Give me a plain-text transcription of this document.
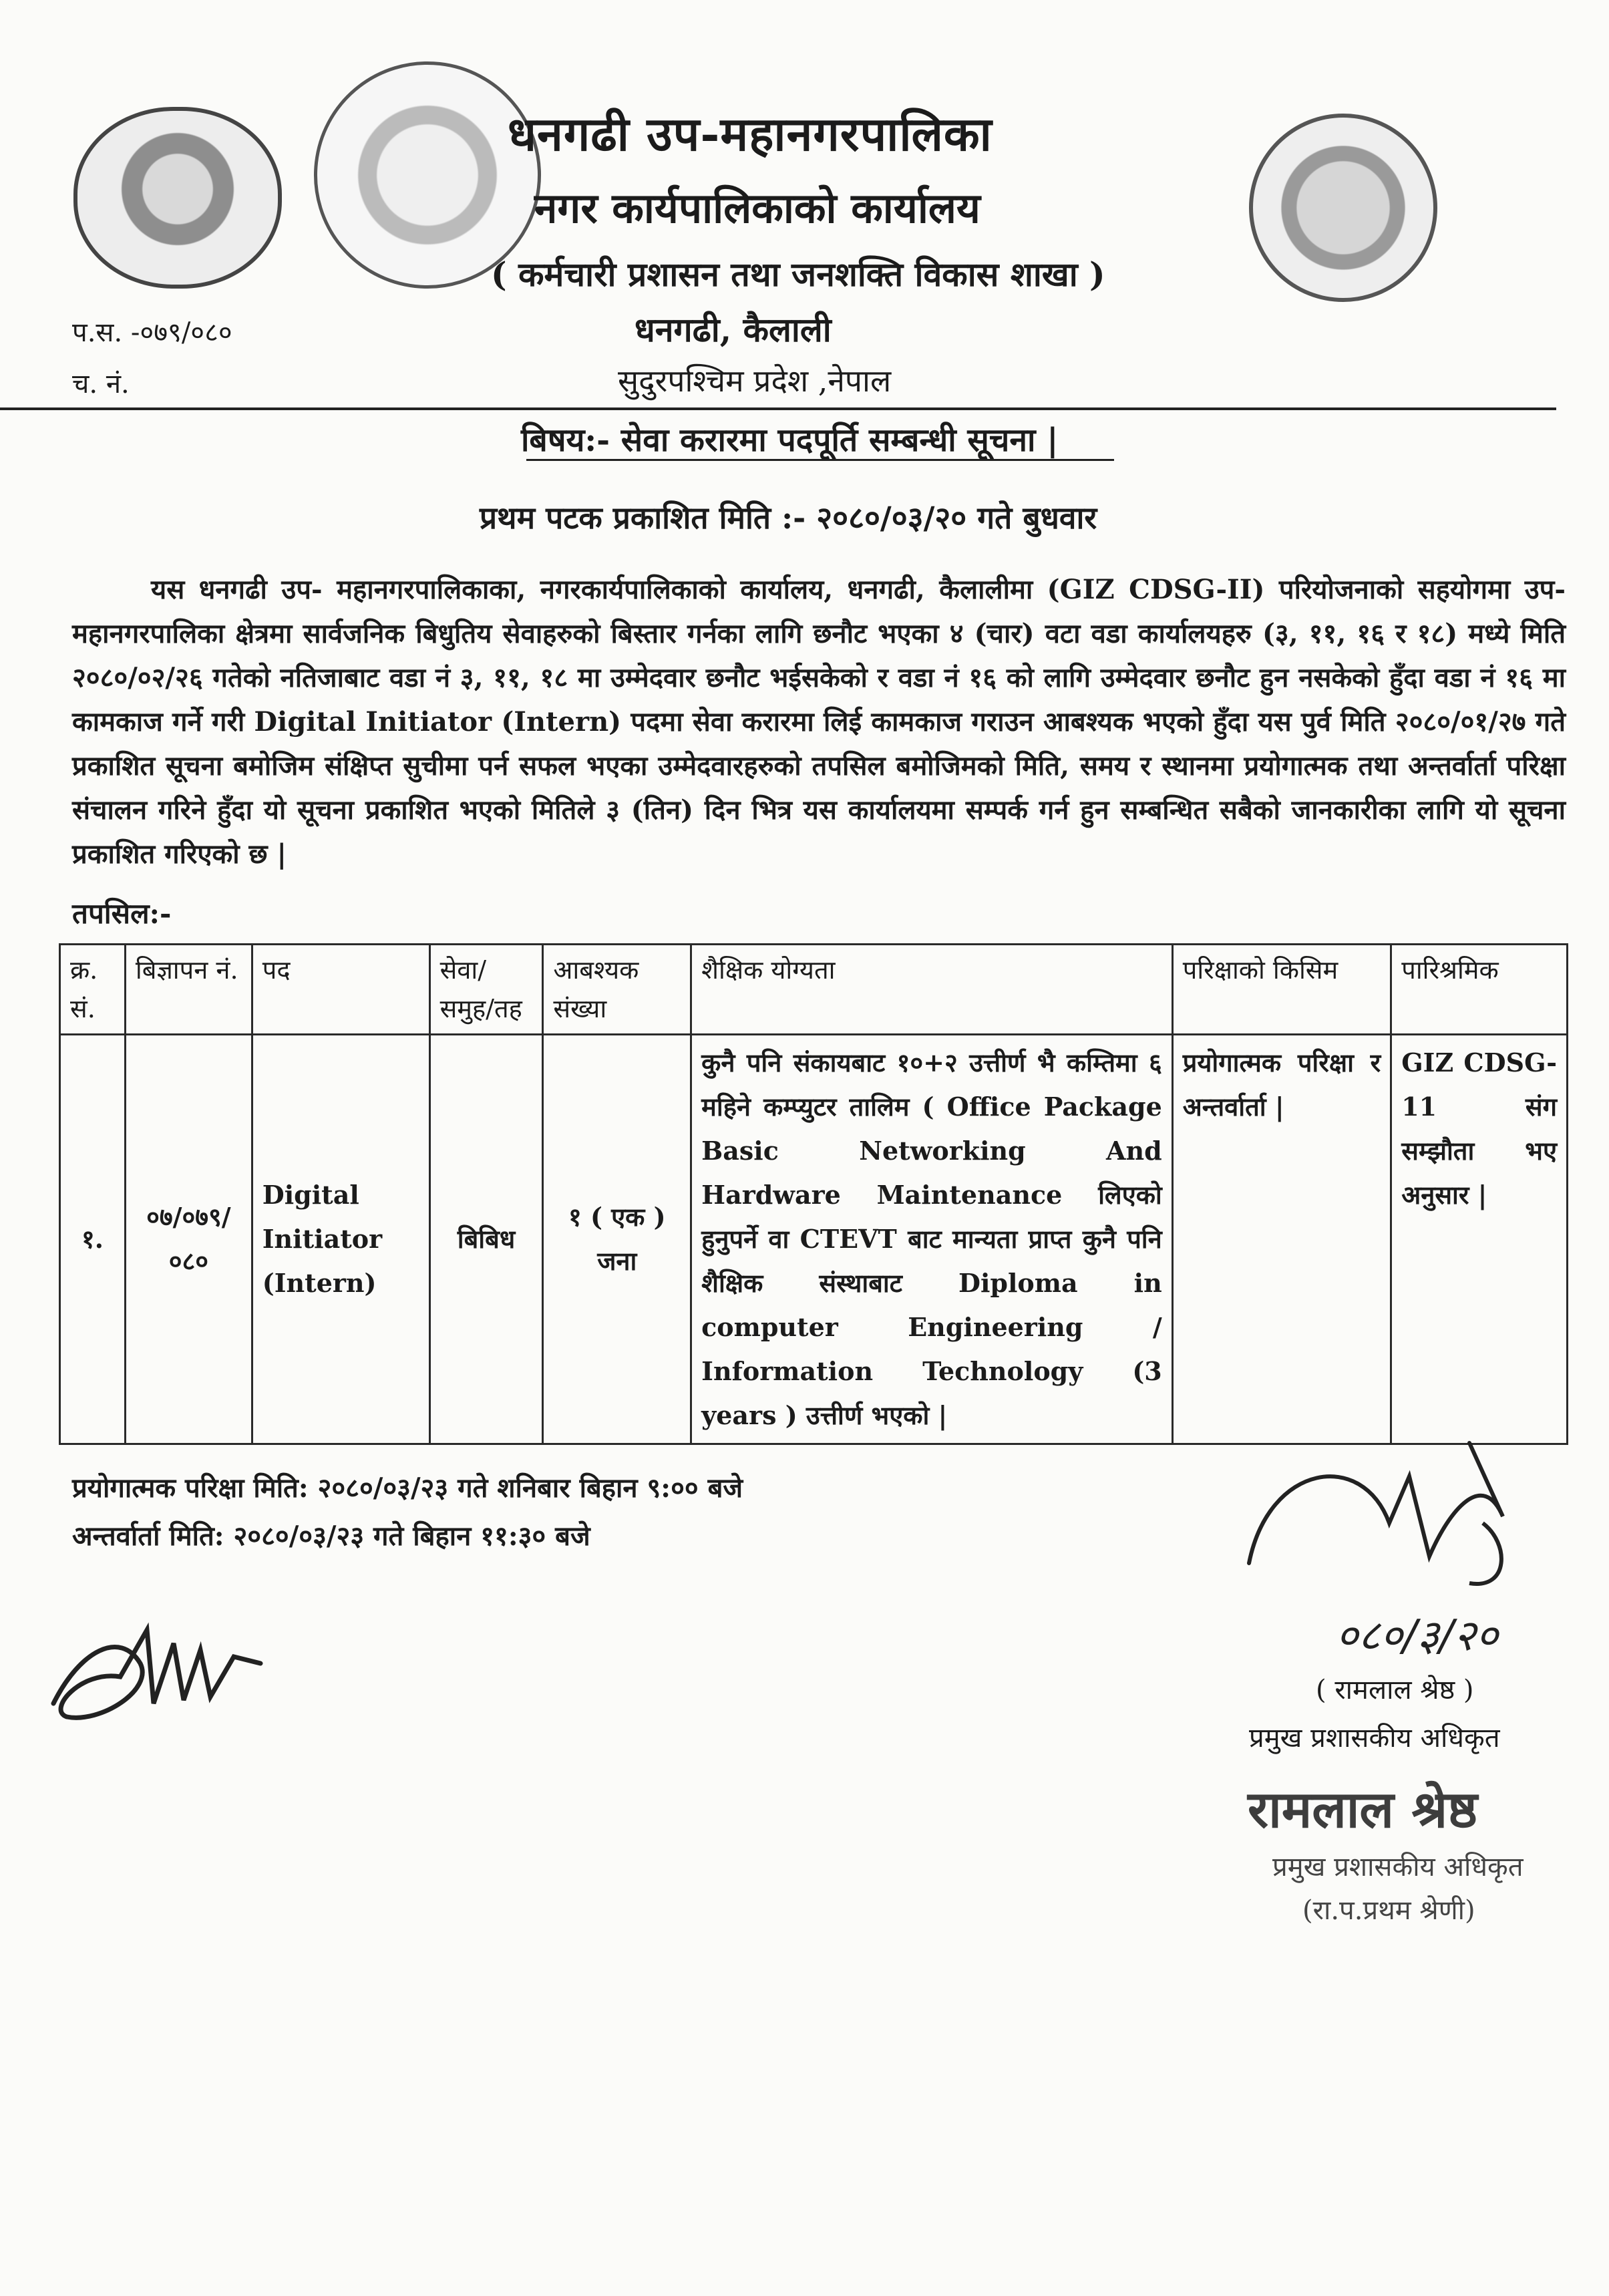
धनगढी उप-महानगरपालिका
नगर कार्यपालिकाको कार्यालय
( कर्मचारी प्रशासन तथा जनशक्ति विकास शाखा )
धनगढी, कैलाली
सुदुरपश्चिम प्रदेश ,नेपाल
प.स. -०७९/०८०
च. नं.
बिषय:- सेवा करारमा पदपूर्ति सम्बन्धी सूचना |
प्रथम पटक प्रकाशित मिति :- २०८०/०३/२० गते बुधवार
यस धनगढी उप- महानगरपालिकाका, नगरकार्यपालिकाको कार्यालय, धनगढी, कैलालीमा (GIZ CDSG-II) परियोजनाको सहयोगमा उप-महानगरपालिका क्षेत्रमा सार्वजनिक बिधुतिय सेवाहरुको बिस्तार गर्नका लागि छनौट भएका ४ (चार) वटा वडा कार्यालयहरु (३, ११, १६ र १८) मध्ये मिति २०८०/०२/२६ गतेको नतिजाबाट वडा नं ३, ११, १८ मा उम्मेदवार छनौट भईसकेको र वडा नं १६ को लागि उम्मेदवार छनौट हुन नसकेको हुँदा वडा नं १६ मा कामकाज गर्ने गरी Digital Initiator (Intern) पदमा सेवा करारमा लिई कामकाज गराउन आबश्यक भएको हुँदा यस पुर्व मिति २०८०/०१/२७ गते प्रकाशित सूचना बमोजिम संक्षिप्त सुचीमा पर्न सफल भएका उम्मेदवारहरुको तपसिल बमोजिमको मिति, समय र स्थानमा प्रयोगात्मक तथा अन्तर्वार्ता परिक्षा संचालन गरिने हुँदा यो सूचना प्रकाशित भएको मितिले ३ (तिन) दिन भित्र यस कार्यालयमा सम्पर्क गर्न हुन सम्बन्धित सबैको जानकारीका लागि यो सूचना प्रकाशित गरिएको छ |
तपसिल:-
क्र. सं.	बिज्ञापन नं.	पद	सेवा/समुह/तह	आबश्यक संख्या	शैक्षिक योग्यता	परिक्षाको किसिम	पारिश्रमिक
१.	०७/०७९/ ०८०	Digital Initiator (Intern)	बिबिध	१ ( एक ) जना	कुनै पनि संकायबाट १०+२ उत्तीर्ण भै कम्तिमा ६ महिने कम्प्युटर तालिम ( Office Package Basic Networking And Hardware Maintenance लिएको हुनुपर्ने वा CTEVT बाट मान्यता प्राप्त कुनै पनि शैक्षिक संस्थाबाट Diploma in computer Engineering / Information Technology (3 years ) उत्तीर्ण भएको |	प्रयोगात्मक परिक्षा र अन्तर्वार्ता |	GIZ CDSG-11 संग सम्झौता भए अनुसार |
प्रयोगात्मक परिक्षा मिति: २०८०/०३/२३ गते शनिबार बिहान ९:०० बजे
अन्तर्वार्ता मिति: २०८०/०३/२३ गते बिहान ११:३० बजे
०८०/३/२०
( रामलाल श्रेष्ठ )
प्रमुख प्रशासकीय अधिकृत
रामलाल श्रेष्ठ
प्रमुख प्रशासकीय अधिकृत
(रा.प.प्रथम श्रेणी)
